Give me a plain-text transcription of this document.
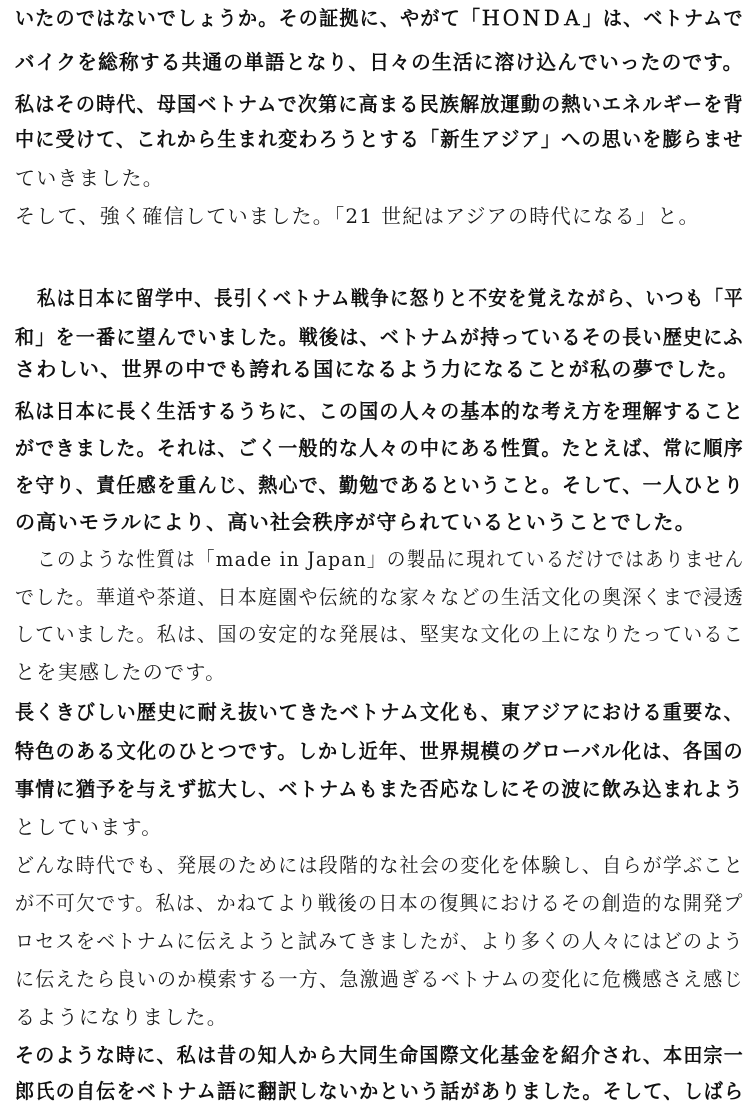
いたのではないでしょうか。その証拠に、やがて「ＨＯＮＤＡ」は、ベトナムで
バイクを総称する共通の単語となり、日々の生活に溶け込んでいったのです。
私はその時代、母国ベトナムで次第に高まる民族解放運動の熱いエネルギーを背
中に受けて、これから生まれ変わろうとする「新生アジア」への思いを膨らませ
ていきました。
そして、強く確信していました。「21 世紀はアジアの時代になる」と。
私は日本に留学中、長引くベトナム戦争に怒りと不安を覚えながら、いつも「平
和」を一番に望んでいました。戦後は、ベトナムが持っているその長い歴史にふ
さわしい、世界の中でも誇れる国になるよう力になることが私の夢でした。
私は日本に長く生活するうちに、この国の人々の基本的な考え方を理解すること
ができました。それは、ごく一般的な人々の中にある性質。たとえば、常に順序
を守り、責任感を重んじ、熱心で、勤勉であるということ。そして、一人ひとり
の高いモラルにより、高い社会秩序が守られているということでした。
このような性質は「made in Japan」の製品に現れているだけではありません
でした。華道や茶道、日本庭園や伝統的な家々などの生活文化の奥深くまで浸透
していました。私は、国の安定的な発展は、堅実な文化の上になりたっているこ
とを実感したのです。
長くきびしい歴史に耐え抜いてきたベトナム文化も、東アジアにおける重要な、
特色のある文化のひとつです。しかし近年、世界規模のグローバル化は、各国の
事情に猶予を与えず拡大し、ベトナムもまた否応なしにその波に飲み込まれよう
としています。
どんな時代でも、発展のためには段階的な社会の変化を体験し、自らが学ぶこと
が不可欠です。私は、かねてより戦後の日本の復興におけるその創造的な開発プ
ロセスをベトナムに伝えようと試みてきましたが、より多くの人々にはどのよう
に伝えたら良いのか模索する一方、急激過ぎるベトナムの変化に危機感さえ感じ
るようになりました。
そのような時に、私は昔の知人から大同生命国際文化基金を紹介され、本田宗一
郎氏の自伝をベトナム語に翻訳しないかという話がありました。そして、しばら
